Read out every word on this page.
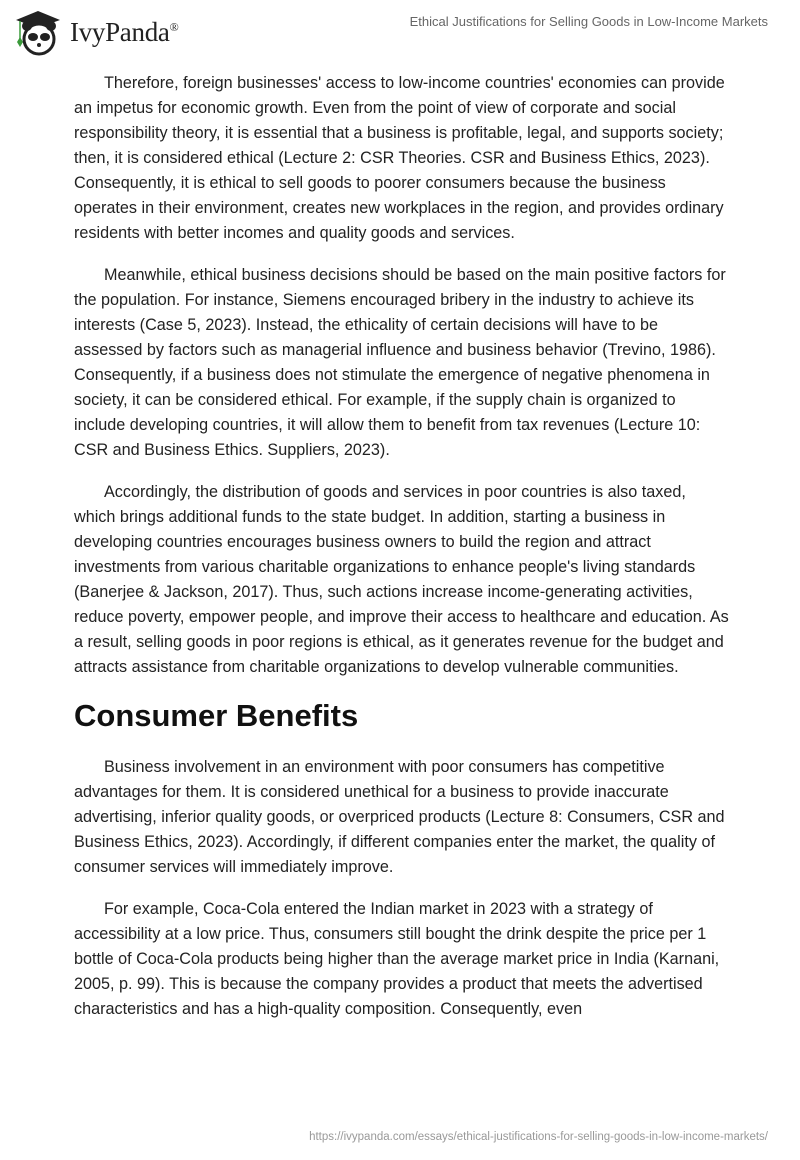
IvyPanda®	Ethical Justifications for Selling Goods in Low-Income Markets

Therefore, foreign businesses' access to low-income countries' economies can provide an impetus for economic growth. Even from the point of view of corporate and social responsibility theory, it is essential that a business is profitable, legal, and supports society; then, it is considered ethical (Lecture 2: CSR Theories. CSR and Business Ethics, 2023). Consequently, it is ethical to sell goods to poorer consumers because the business operates in their environment, creates new workplaces in the region, and provides ordinary residents with better incomes and quality goods and services.

Meanwhile, ethical business decisions should be based on the main positive factors for the population. For instance, Siemens encouraged bribery in the industry to achieve its interests (Case 5, 2023). Instead, the ethicality of certain decisions will have to be assessed by factors such as managerial influence and business behavior (Trevino, 1986). Consequently, if a business does not stimulate the emergence of negative phenomena in society, it can be considered ethical. For example, if the supply chain is organized to include developing countries, it will allow them to benefit from tax revenues (Lecture 10: CSR and Business Ethics. Suppliers, 2023).

Accordingly, the distribution of goods and services in poor countries is also taxed, which brings additional funds to the state budget. In addition, starting a business in developing countries encourages business owners to build the region and attract investments from various charitable organizations to enhance people's living standards (Banerjee & Jackson, 2017). Thus, such actions increase income-generating activities, reduce poverty, empower people, and improve their access to healthcare and education. As a result, selling goods in poor regions is ethical, as it generates revenue for the budget and attracts assistance from charitable organizations to develop vulnerable communities.

Consumer Benefits

Business involvement in an environment with poor consumers has competitive advantages for them. It is considered unethical for a business to provide inaccurate advertising, inferior quality goods, or overpriced products (Lecture 8: Consumers, CSR and Business Ethics, 2023). Accordingly, if different companies enter the market, the quality of consumer services will immediately improve.

For example, Coca-Cola entered the Indian market in 2023 with a strategy of accessibility at a low price. Thus, consumers still bought the drink despite the price per 1 bottle of Coca-Cola products being higher than the average market price in India (Karnani, 2005, p. 99). This is because the company provides a product that meets the advertised characteristics and has a high-quality composition. Consequently, even

https://ivypanda.com/essays/ethical-justifications-for-selling-goods-in-low-income-markets/
